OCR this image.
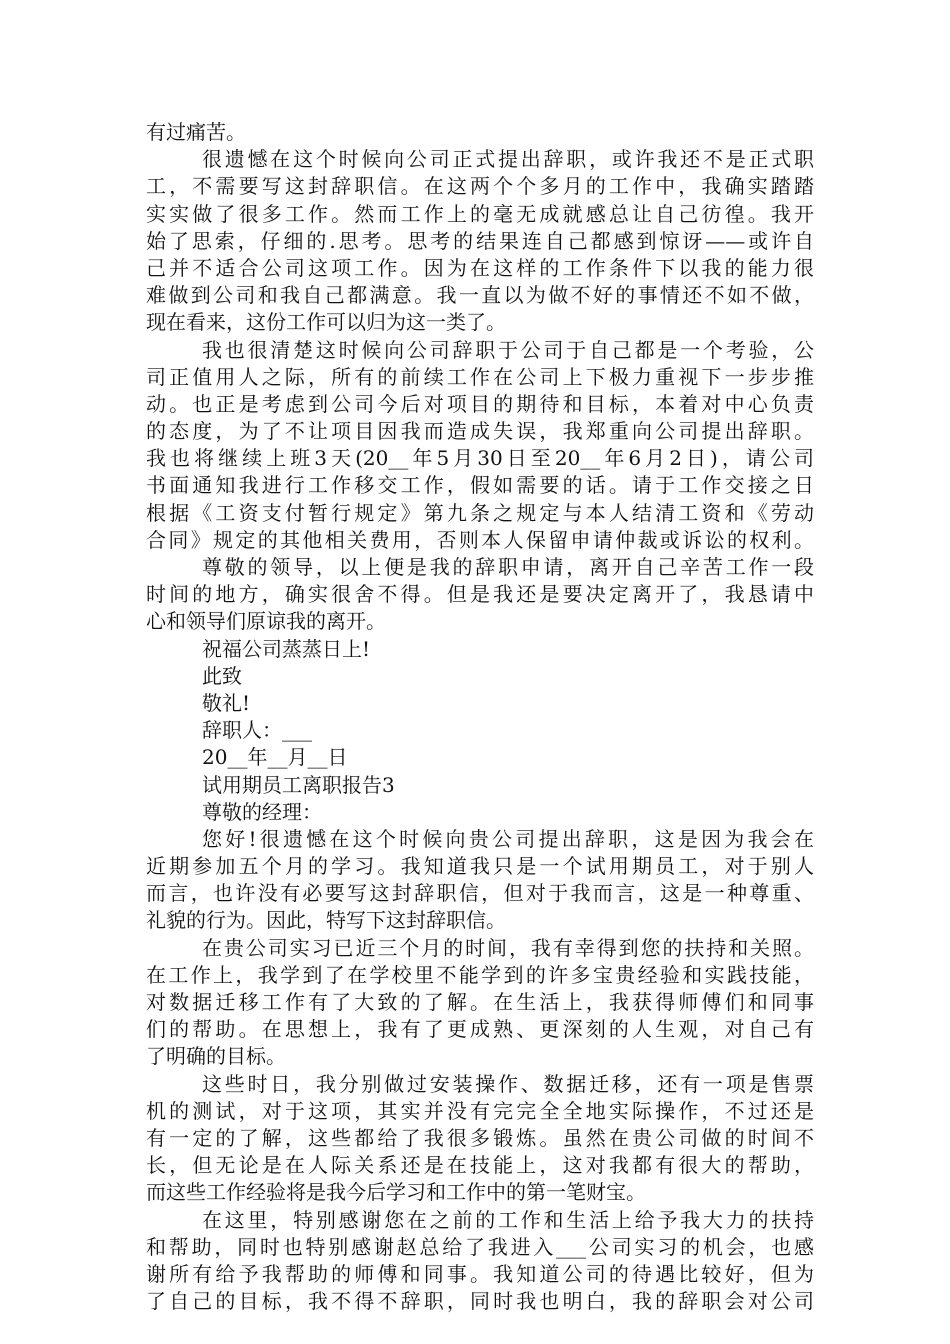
有过痛苦。
很遗憾在这个时候向公司正式提出辞职，或许我还不是正式职
工，不需要写这封辞职信。在这两个个多月的工作中，我确实踏踏
实实做了很多工作。然而工作上的毫无成就感总让自己彷徨。我开
始了思索，仔细的.思考。思考的结果连自己都感到惊讶——或许自
己并不适合公司这项工作。因为在这样的工作条件下以我的能力很
难做到公司和我自己都满意。我一直以为做不好的事情还不如不做，
现在看来，这份工作可以归为这一类了。
我也很清楚这时候向公司辞职于公司于自己都是一个考验，公
司正值用人之际，所有的前续工作在公司上下极力重视下一步步推
动。也正是考虑到公司今后对项目的期待和目标，本着对中心负责
的态度，为了不让项目因我而造成失误，我郑重向公司提出辞职。
我也将继续上班3天(20__年5月30日至20__年6月2日)，请公司
书面通知我进行工作移交工作，假如需要的话。请于工作交接之日
根据《工资支付暂行规定》第九条之规定与本人结清工资和《劳动
合同》规定的其他相关费用，否则本人保留申请仲裁或诉讼的权利。
尊敬的领导，以上便是我的辞职申请，离开自己辛苦工作一段
时间的地方，确实很舍不得。但是我还是要决定离开了，我恳请中
心和领导们原谅我的离开。
祝福公司蒸蒸日上!
此致
敬礼!
辞职人：___
20__年__月__日
试用期员工离职报告3
尊敬的经理：
您好!很遗憾在这个时候向贵公司提出辞职，这是因为我会在
近期参加五个月的学习。我知道我只是一个试用期员工，对于别人
而言，也许没有必要写这封辞职信，但对于我而言，这是一种尊重、
礼貌的行为。因此，特写下这封辞职信。
在贵公司实习已近三个月的时间，我有幸得到您的扶持和关照。
在工作上，我学到了在学校里不能学到的许多宝贵经验和实践技能，
对数据迁移工作有了大致的了解。在生活上，我获得师傅们和同事
们的帮助。在思想上，我有了更成熟、更深刻的人生观，对自己有
了明确的目标。
这些时日，我分别做过安装操作、数据迁移，还有一项是售票
机的测试，对于这项，其实并没有完完全全地实际操作，不过还是
有一定的了解，这些都给了我很多锻炼。虽然在贵公司做的时间不
长，但无论是在人际关系还是在技能上，这对我都有很大的帮助，
而这些工作经验将是我今后学习和工作中的第一笔财宝。
在这里，特别感谢您在之前的工作和生活上给予我大力的扶持
和帮助，同时也特别感谢赵总给了我进入___公司实习的机会，也感
谢所有给予我帮助的师傅和同事。我知道公司的待遇比较好，但为
了自己的目标，我不得不辞职，同时我也明白，我的辞职会对公司
